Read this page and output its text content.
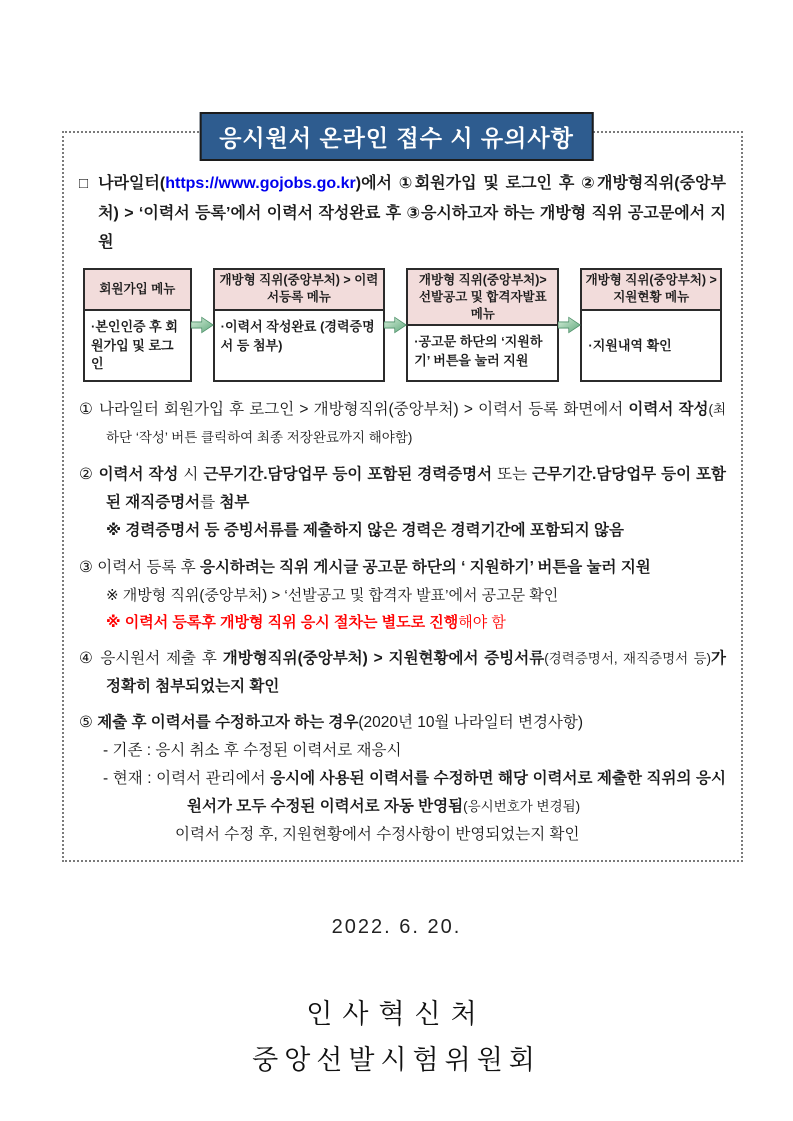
응시원서 온라인 접수 시 유의사항
□ 나라일터(https://www.gojobs.go.kr)에서 ①회원가입 및 로그인 후 ②개방형직위(중앙부처) > ‘이력서 등록’에서 이력서 작성완료 후 ③응시하고자 하는 개방형 직위 공고문에서 지원
회원가입 메뉴
·본인인증 후 회원가입 및 로그인
개방형 직위(중앙부처) > 이력서등록 메뉴
·이력서 작성완료 (경력증명서 등 첨부)
개방형 직위(중앙부처)> 선발공고 및 합격자발표 메뉴
·공고문 하단의 ‘지원하기’ 버튼을 눌러 지원
개방형 직위(중앙부처) > 지원현황 메뉴
·지원내역 확인
① 나라일터 회원가입 후 로그인 > 개방형직위(중앙부처) > 이력서 등록 화면에서 이력서 작성(최하단 ‘작성’ 버튼 클릭하여 최종 저장완료까지 해야함)
② 이력서 작성 시 근무기간.담당업무 등이 포함된 경력증명서 또는 근무기간.담당업무 등이 포함된 재직증명서를 첨부
※ 경력증명서 등 증빙서류를 제출하지 않은 경력은 경력기간에 포함되지 않음
③ 이력서 등록 후 응시하려는 직위 게시글 공고문 하단의 ‘ 지원하기’ 버튼을 눌러 지원
※ 개방형 직위(중앙부처) > ‘선발공고 및 합격자 발표’에서 공고문 확인
※ 이력서 등록후 개방형 직위 응시 절차는 별도로 진행해야 함
④ 응시원서 제출 후 개방형직위(중앙부처) > 지원현황에서 증빙서류(경력증명서, 재직증명서 등)가 정확히 첨부되었는지 확인
⑤ 제출 후 이력서를 수정하고자 하는 경우(2020년 10월 나라일터 변경사항)
- 기존 : 응시 취소 후 수정된 이력서로 재응시
- 현재 : 이력서 관리에서 응시에 사용된 이력서를 수정하면 해당 이력서로 제출한 직위의 응시원서가 모두 수정된 이력서로 자동 반영됨(응시번호가 변경됨)
이력서 수정 후, 지원현황에서 수정사항이 반영되었는지 확인
2022. 6. 20.
인사혁신처
중앙선발시험위원회
